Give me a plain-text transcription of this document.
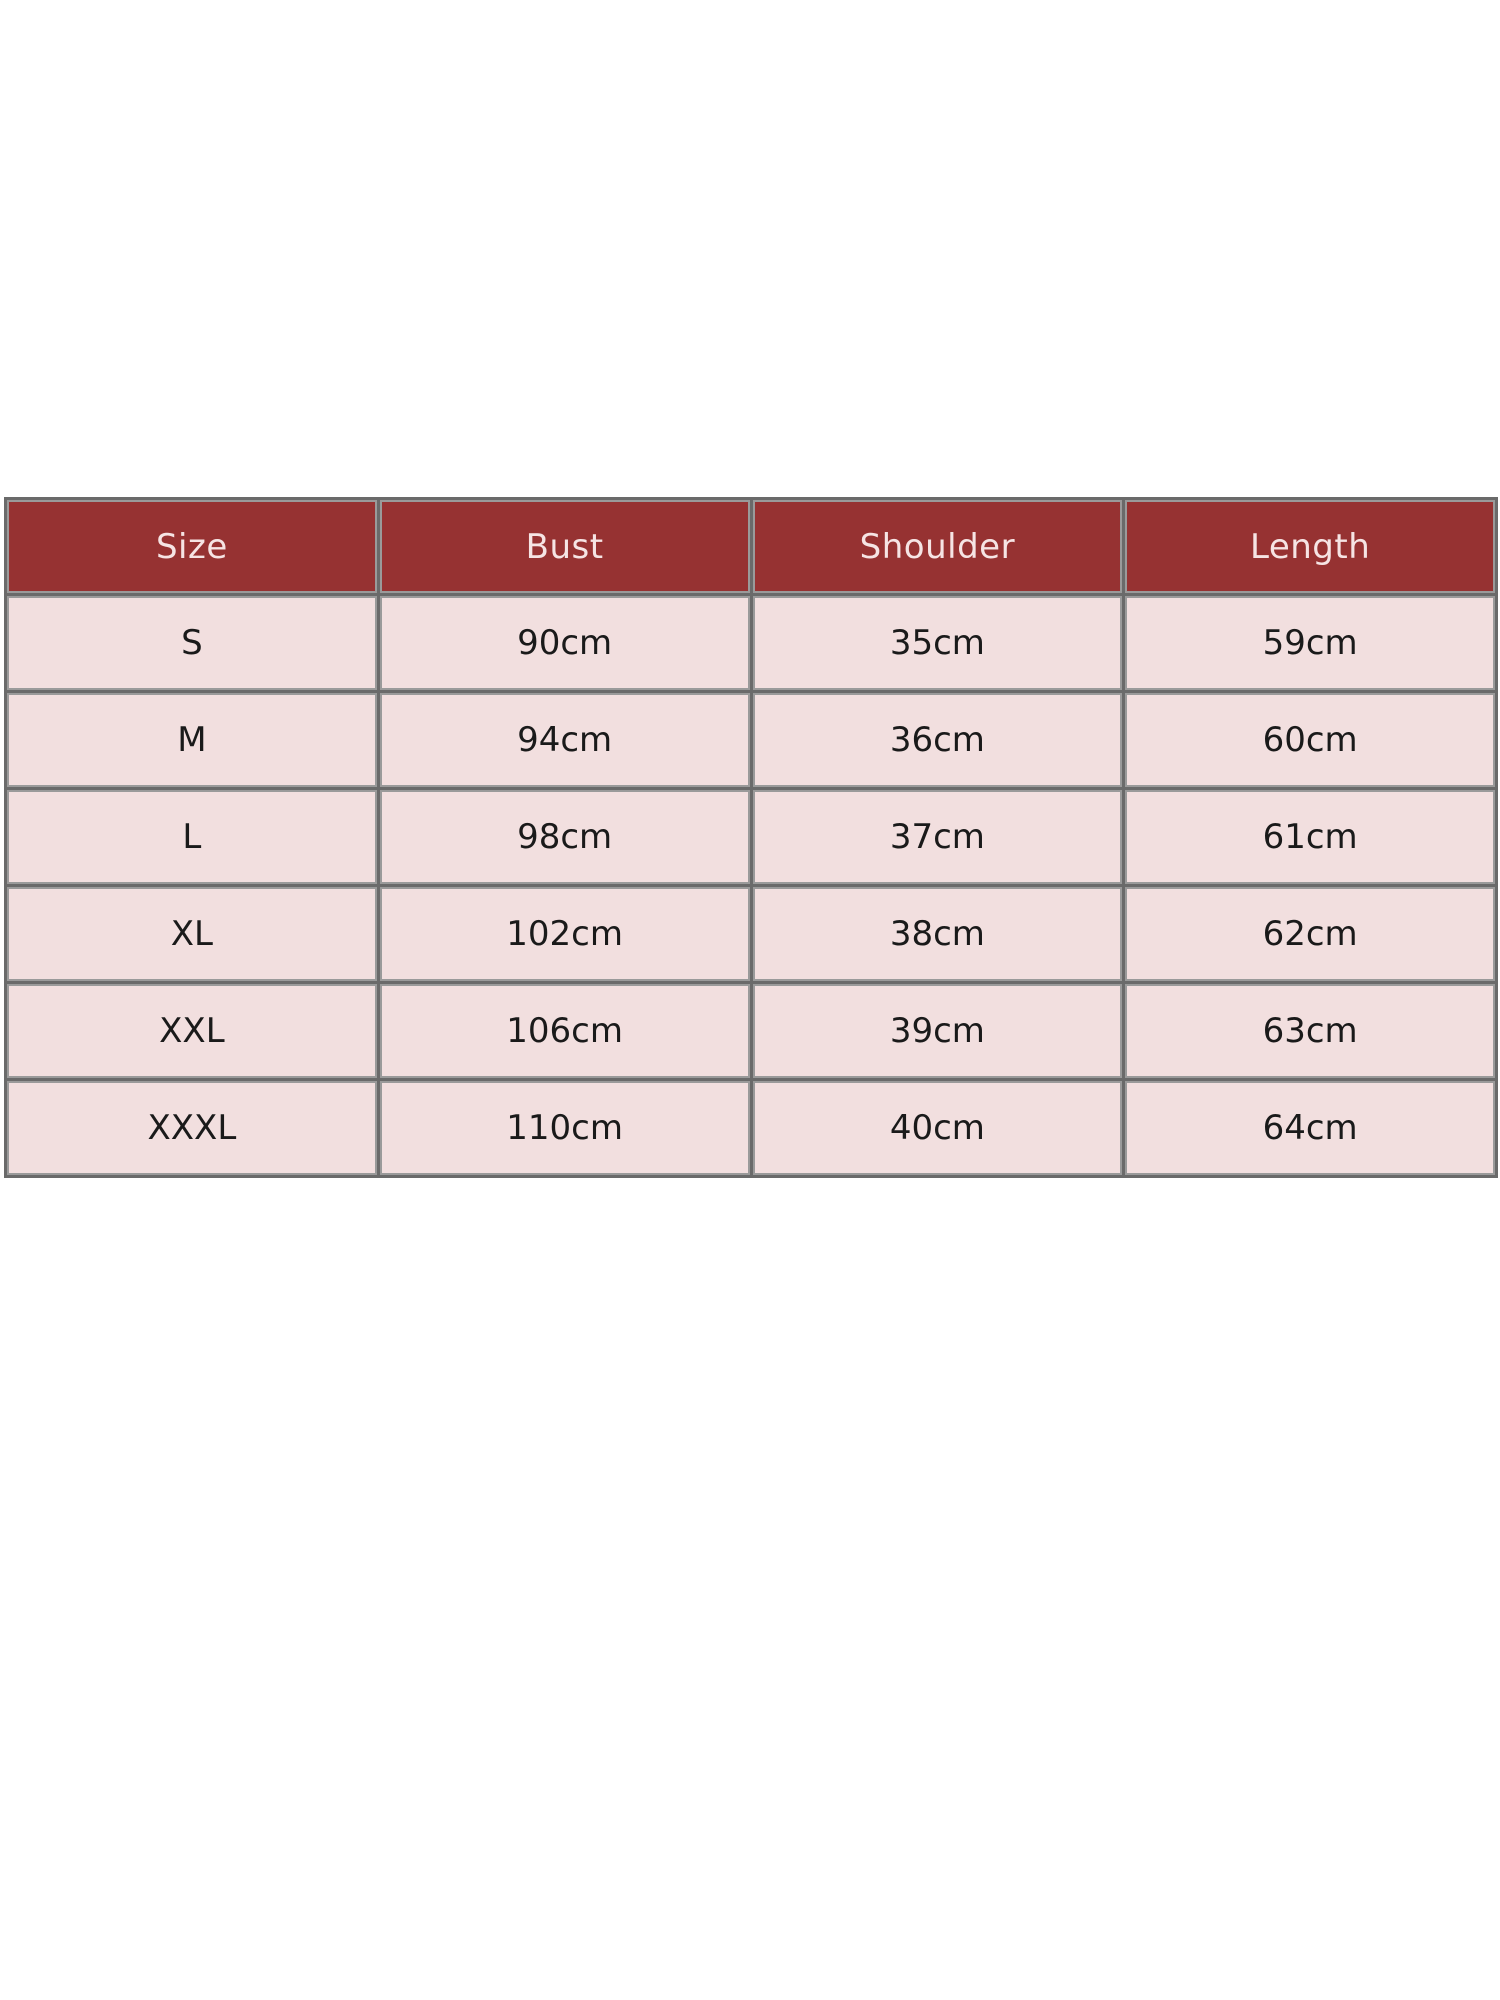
Size	Bust	Shoulder	Length
S	90cm	35cm	59cm
M	94cm	36cm	60cm
L	98cm	37cm	61cm
XL	102cm	38cm	62cm
XXL	106cm	39cm	63cm
XXXL	110cm	40cm	64cm
